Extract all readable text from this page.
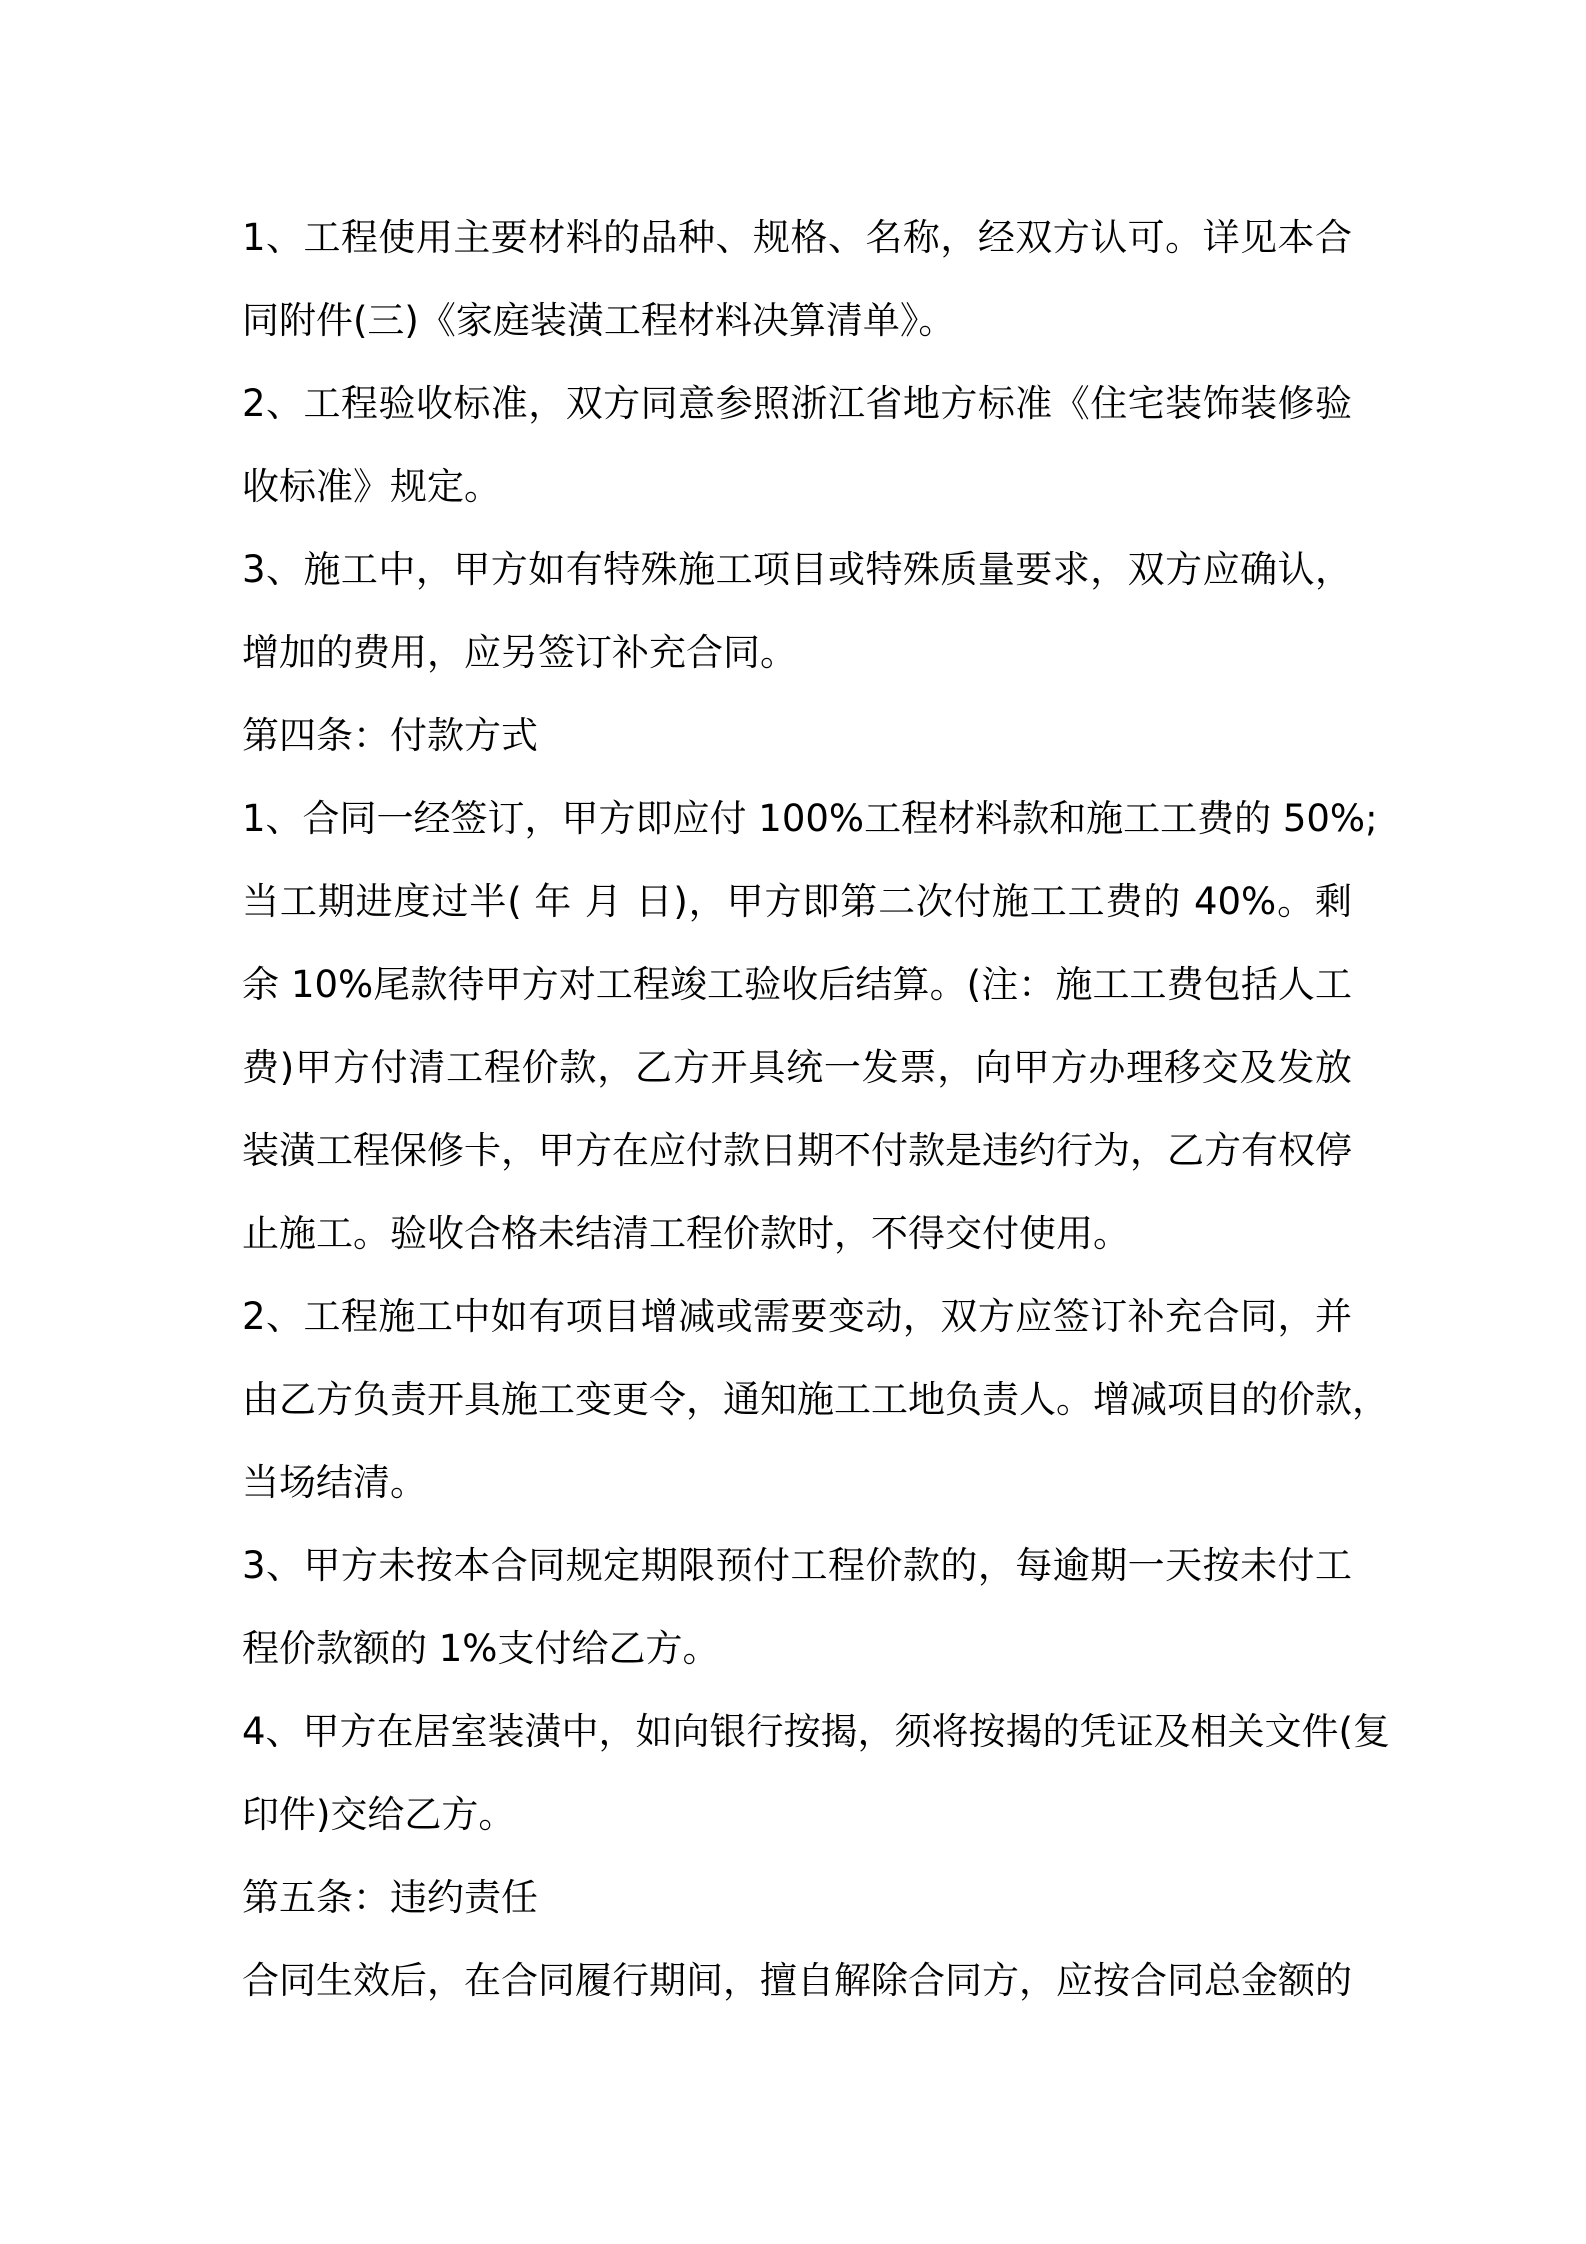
1、工程使用主要材料的品种、规格、名称，经双方认可。详见本合
同附件(三)《家庭装潢工程材料决算清单》。
2、工程验收标准，双方同意参照浙江省地方标准《住宅装饰装修验
收标准》规定。
3、施工中，甲方如有特殊施工项目或特殊质量要求，双方应确认，
增加的费用，应另签订补充合同。
第四条：付款方式
1、合同一经签订，甲方即应付 100%工程材料款和施工工费的 50%;
当工期进度过半( 年 月 日)，甲方即第二次付施工工费的 40%。剩
余 10%尾款待甲方对工程竣工验收后结算。(注：施工工费包括人工
费)甲方付清工程价款，乙方开具统一发票，向甲方办理移交及发放
装潢工程保修卡，甲方在应付款日期不付款是违约行为，乙方有权停
止施工。验收合格未结清工程价款时，不得交付使用。
2、工程施工中如有项目增减或需要变动，双方应签订补充合同，并
由乙方负责开具施工变更令，通知施工工地负责人。增减项目的价款，
当场结清。
3、甲方未按本合同规定期限预付工程价款的，每逾期一天按未付工
程价款额的 1%支付给乙方。
4、甲方在居室装潢中，如向银行按揭，须将按揭的凭证及相关文件(复
印件)交给乙方。
第五条：违约责任
合同生效后，在合同履行期间，擅自解除合同方，应按合同总金额的
